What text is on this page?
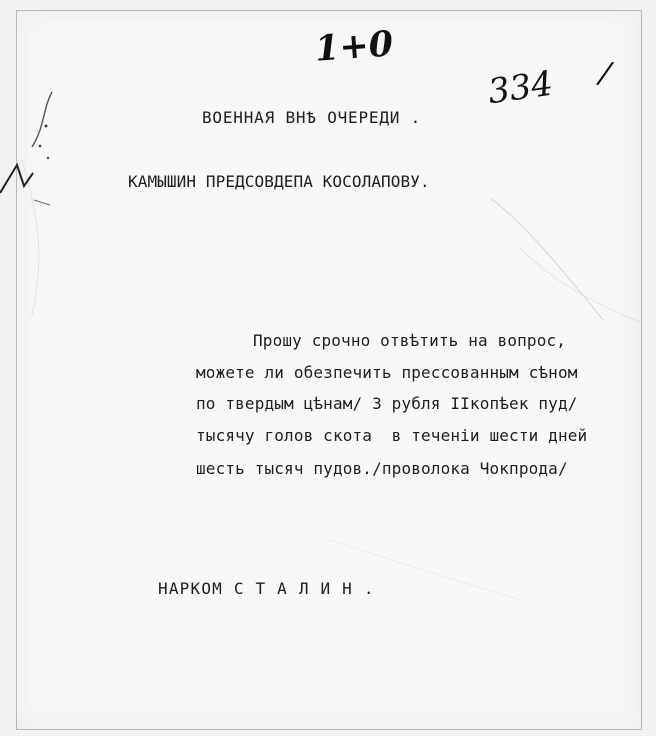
1+0
334 /
ВОЕННАЯ ВНѢ ОЧЕРЕДИ .
КАМЫШИН ПРЕДСОВДЕПА КОСОЛАПОВУ.
Прошу срочно отвѣтить на вопрос,
можете ли обезпечить прессованным сѣном
по твердым цѣнам/ 3 рубля IIкопѣек пуд/
тысячу голов скота  в теченiи шести дней
шесть тысяч пудов./проволока Чокпрода/
НАРКОМ С Т А Л И Н .
